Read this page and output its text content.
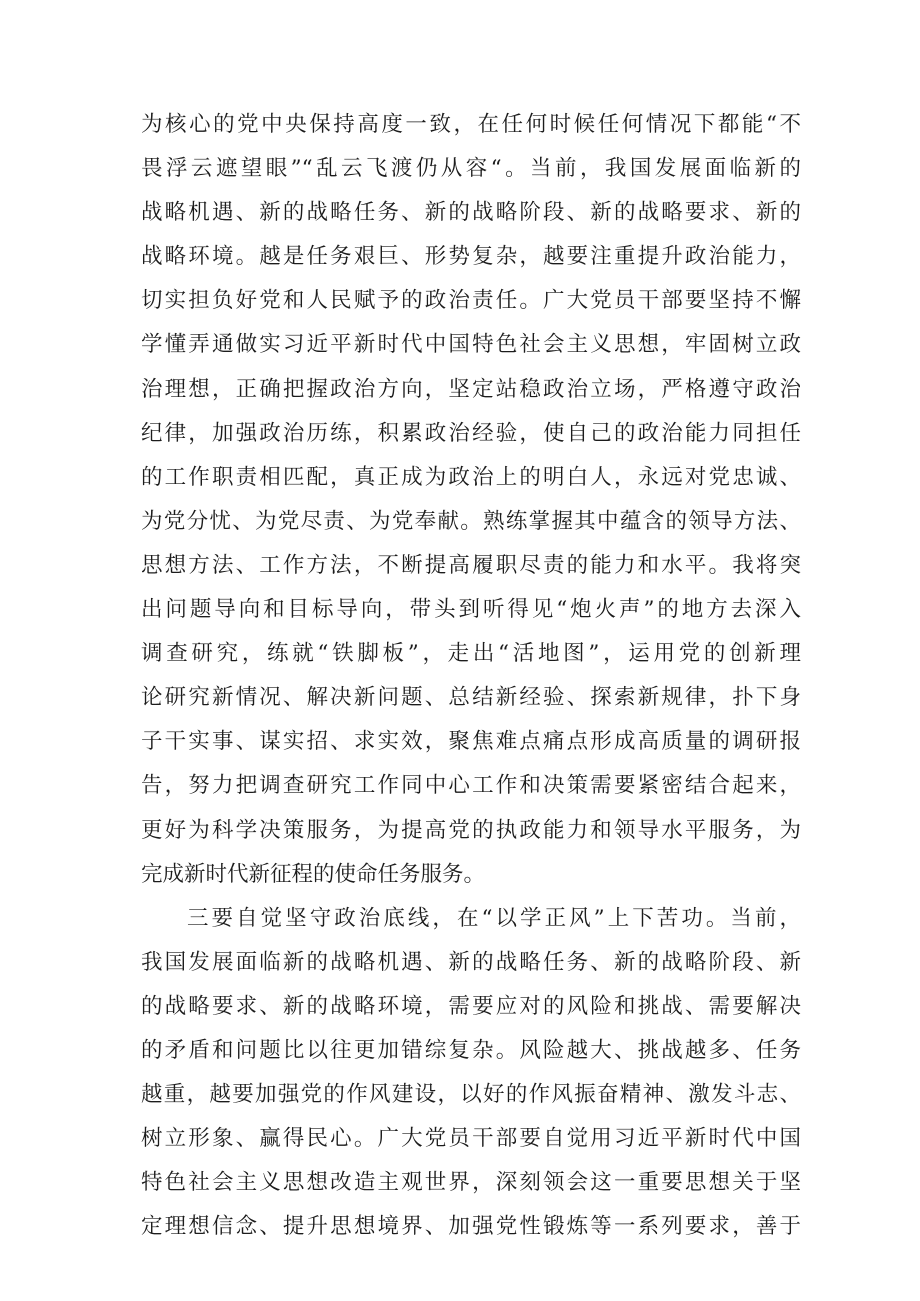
为核心的党中央保持高度一致，在任何时候任何情况下都能“不
畏浮云遮望眼”“乱云飞渡仍从容“。当前，我国发展面临新的
战略机遇、新的战略任务、新的战略阶段、新的战略要求、新的
战略环境。越是任务艰巨、形势复杂，越要注重提升政治能力，
切实担负好党和人民赋予的政治责任。广大党员干部要坚持不懈
学懂弄通做实习近平新时代中国特色社会主义思想，牢固树立政
治理想，正确把握政治方向，坚定站稳政治立场，严格遵守政治
纪律，加强政治历练，积累政治经验，使自己的政治能力同担任
的工作职责相匹配，真正成为政治上的明白人，永远对党忠诚、
为党分忧、为党尽责、为党奉献。熟练掌握其中蕴含的领导方法、
思想方法、工作方法，不断提高履职尽责的能力和水平。我将突
出问题导向和目标导向，带头到听得见“炮火声”的地方去深入
调查研究，练就“铁脚板”，走出“活地图”，运用党的创新理
论研究新情况、解决新问题、总结新经验、探索新规律，扑下身
子干实事、谋实招、求实效，聚焦难点痛点形成高质量的调研报
告，努力把调查研究工作同中心工作和决策需要紧密结合起来，
更好为科学决策服务，为提高党的执政能力和领导水平服务，为
完成新时代新征程的使命任务服务。

三要自觉坚守政治底线，在“以学正风”上下苦功。当前，
我国发展面临新的战略机遇、新的战略任务、新的战略阶段、新
的战略要求、新的战略环境，需要应对的风险和挑战、需要解决
的矛盾和问题比以往更加错综复杂。风险越大、挑战越多、任务
越重，越要加强党的作风建设，以好的作风振奋精神、激发斗志、
树立形象、赢得民心。广大党员干部要自觉用习近平新时代中国
特色社会主义思想改造主观世界，深刻领会这一重要思想关于坚
定理想信念、提升思想境界、加强党性锻炼等一系列要求，善于
